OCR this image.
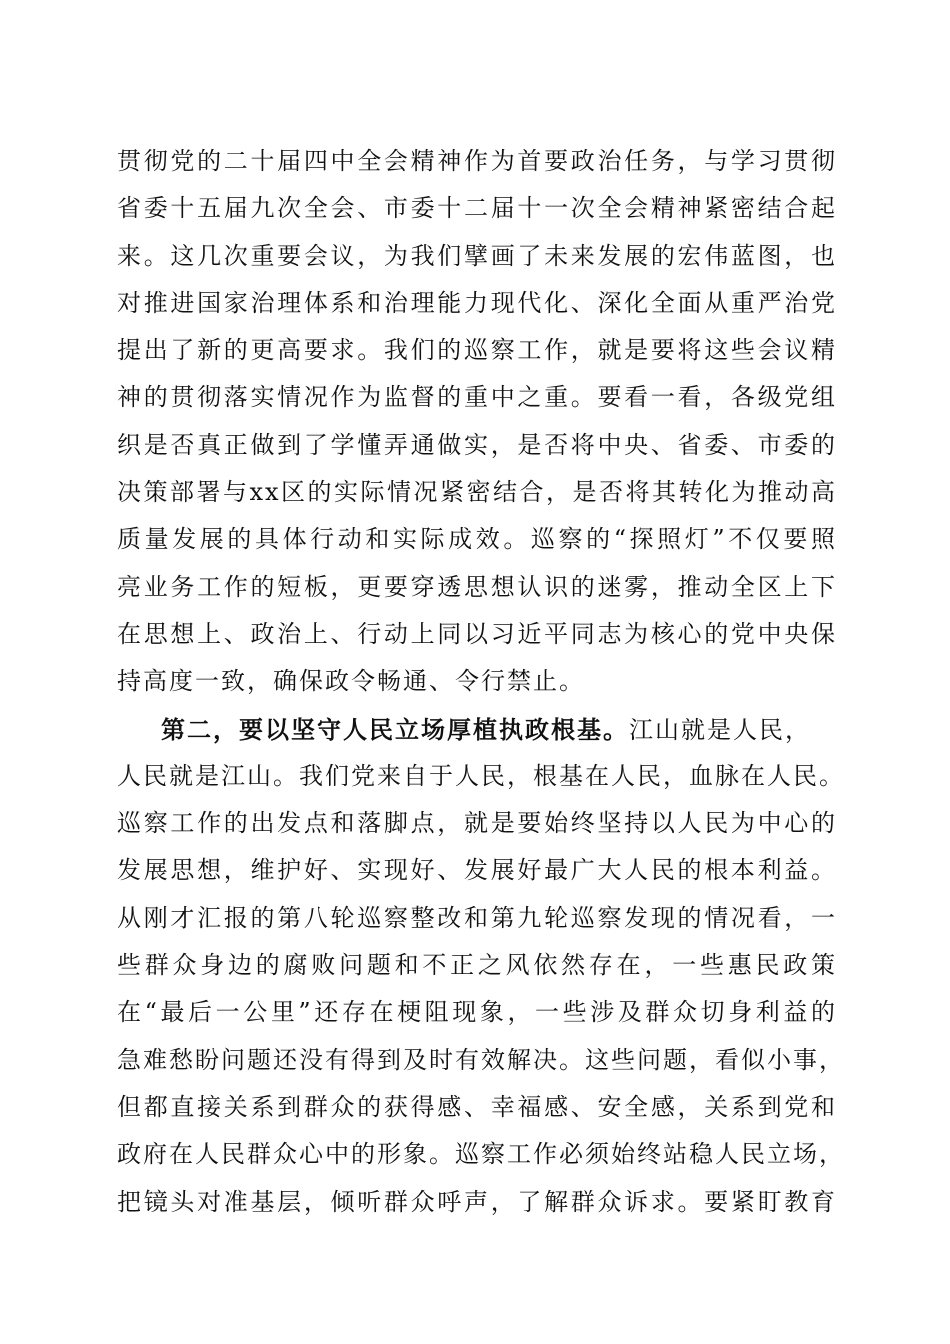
贯彻党的二十届四中全会精神作为首要政治任务，与学习贯彻
省委十五届九次全会、市委十二届十一次全会精神紧密结合起
来。这几次重要会议，为我们擘画了未来发展的宏伟蓝图，也
对推进国家治理体系和治理能力现代化、深化全面从重严治党
提出了新的更高要求。我们的巡察工作，就是要将这些会议精
神的贯彻落实情况作为监督的重中之重。要看一看，各级党组
织是否真正做到了学懂弄通做实，是否将中央、省委、市委的
决策部署与xx区的实际情况紧密结合，是否将其转化为推动高
质量发展的具体行动和实际成效。巡察的“探照灯”不仅要照
亮业务工作的短板，更要穿透思想认识的迷雾，推动全区上下
在思想上、政治上、行动上同以习近平同志为核心的党中央保
持高度一致，确保政令畅通、令行禁止。
第二，要以坚守人民立场厚植执政根基。江山就是人民，
人民就是江山。我们党来自于人民，根基在人民，血脉在人民。
巡察工作的出发点和落脚点，就是要始终坚持以人民为中心的
发展思想，维护好、实现好、发展好最广大人民的根本利益。
从刚才汇报的第八轮巡察整改和第九轮巡察发现的情况看，一
些群众身边的腐败问题和不正之风依然存在，一些惠民政策
在“最后一公里”还存在梗阻现象，一些涉及群众切身利益的
急难愁盼问题还没有得到及时有效解决。这些问题，看似小事，
但都直接关系到群众的获得感、幸福感、安全感，关系到党和
政府在人民群众心中的形象。巡察工作必须始终站稳人民立场，
把镜头对准基层，倾听群众呼声，了解群众诉求。要紧盯教育
